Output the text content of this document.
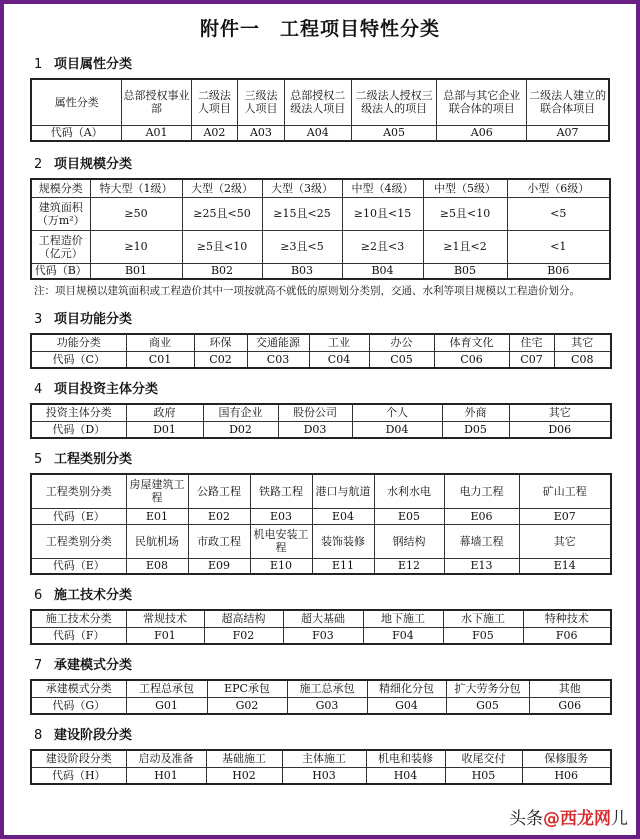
附件一　工程项目特性分类
1 项目属性分类
属性分类	总部授权事业部	二级法人项目	三级法人项目	总部授权二级法人项目	二级法人授权三级法人的项目	总部与其它企业联合体的项目	二级法人建立的联合体项目
代码（A）	A01	A02	A03	A04	A05	A06	A07
2 项目规模分类
规模分类	特大型（1级）	大型（2级）	大型（3级）	中型（4级）	中型（5级）	小型（6级）
建筑面积（万m²）	≥50	≥25且<50	≥15且<25	≥10且<15	≥5且<10	<5
工程造价（亿元）	≥10	≥5且<10	≥3且<5	≥2且<3	≥1且<2	<1
代码（B）	B01	B02	B03	B04	B05	B06
注：项目规模以建筑面积或工程造价其中一项按就高不就低的原则划分类别，交通、水利等项目规模以工程造价划分。
3 项目功能分类
功能分类	商业	环保	交通能源	工业	办公	体育文化	住宅	其它
代码（C）	C01	C02	C03	C04	C05	C06	C07	C08
4 项目投资主体分类
投资主体分类	政府	国有企业	股份公司	个人	外商	其它
代码（D）	D01	D02	D03	D04	D05	D06
5 工程类别分类
工程类别分类	房屋建筑工程	公路工程	铁路工程	港口与航道	水利水电	电力工程	矿山工程
代码（E）	E01	E02	E03	E04	E05	E06	E07
工程类别分类	民航机场	市政工程	机电安装工程	装饰装修	钢结构	幕墙工程	其它
代码（E）	E08	E09	E10	E11	E12	E13	E14
6 施工技术分类
施工技术分类	常规技术	超高结构	超大基础	地下施工	水下施工	特种技术
代码（F）	F01	F02	F03	F04	F05	F06
7 承建模式分类
承建模式分类	工程总承包	EPC承包	施工总承包	精细化分包	扩大劳务分包	其他
代码（G）	G01	G02	G03	G04	G05	G06
8 建设阶段分类
建设阶段分类	启动及准备	基础施工	主体施工	机电和装修	收尾交付	保修服务
代码（H）	H01	H02	H03	H04	H05	H06
头条@西龙网儿
